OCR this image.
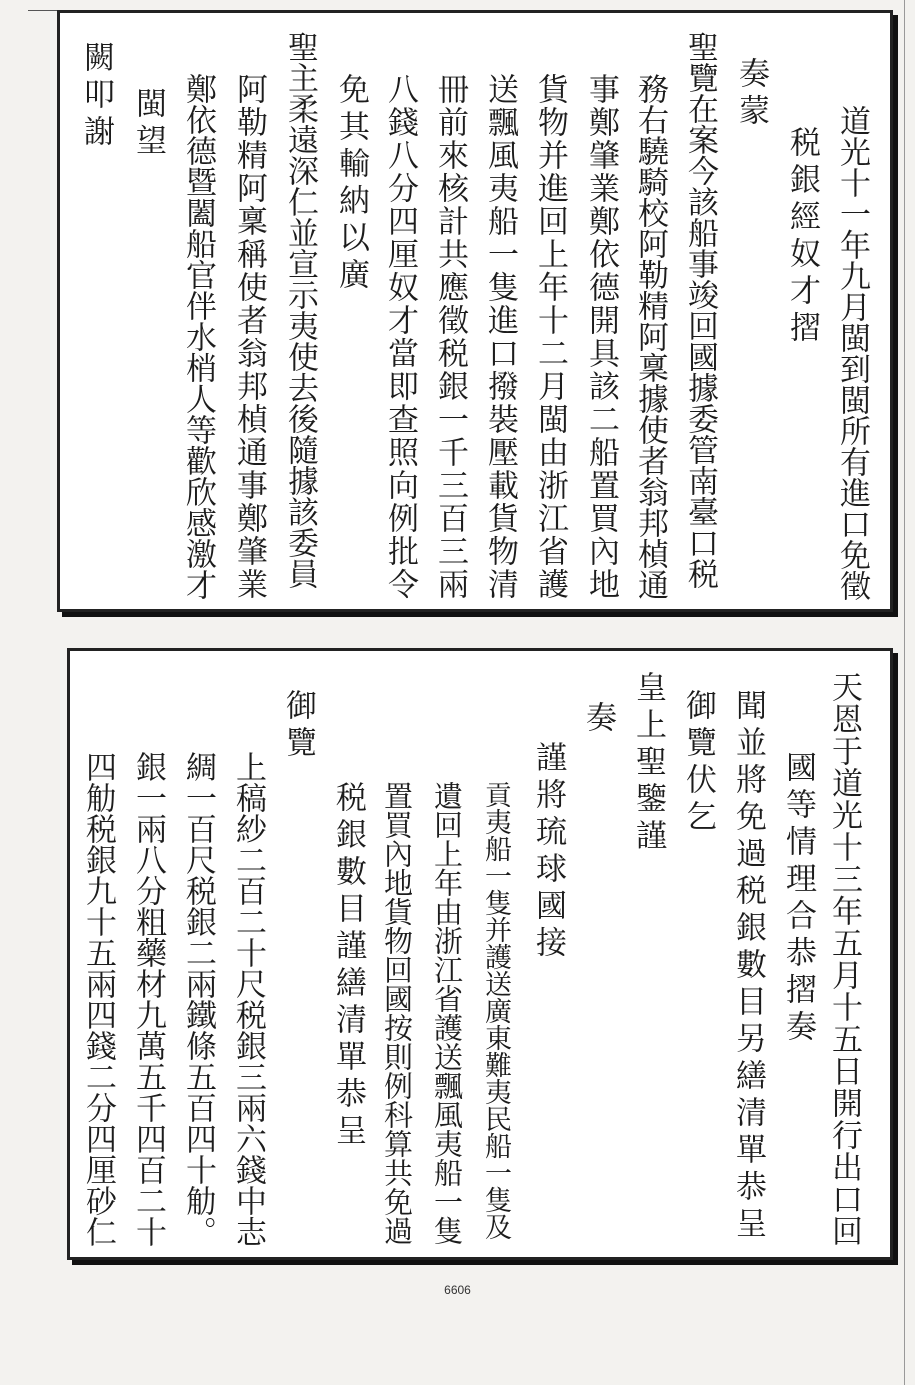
道光十一年九月閩到閩所有進口免徵
税銀經奴才摺
奏蒙
聖覽在案今該船事竣回國據委管南臺口税
務右驍騎校阿勒精阿稟據使者翁邦楨通
事鄭肇業鄭依德開具該二船置買內地
貨物并進回上年十二月閩由浙江省護
送飄風夷船一隻進口撥裝壓載貨物清
冊前來核計共應徵税銀一千三百三兩
八錢八分四厘奴才當即查照向例批令
免其輸納以廣
聖主柔遠深仁並宣示夷使去後隨據該委員
阿勒精阿稟稱使者翁邦楨通事鄭肇業
鄭依德暨闔船官伴水梢人等歡欣感激才
閩望
闕叩謝
天恩于道光十三年五月十五日開行出口回
國等情理合恭摺奏
聞並將免過税銀數目另繕清單恭呈
御覽伏乞
皇上聖鑒謹
奏
謹將琉球國接
貢夷船一隻并護送廣東難夷民船一隻及
遺回上年由浙江省護送飄風夷船一隻
置買內地貨物回國按則例科算共免過
税銀數目謹繕清單恭呈
御覽
上稿紗二百二十尺税銀三兩六錢中志
綢一百尺税銀二兩鐵條五百四十觔。
銀一兩八分粗藥材九萬五千四百二十
四觔税銀九十五兩四錢二分四厘砂仁
6606
